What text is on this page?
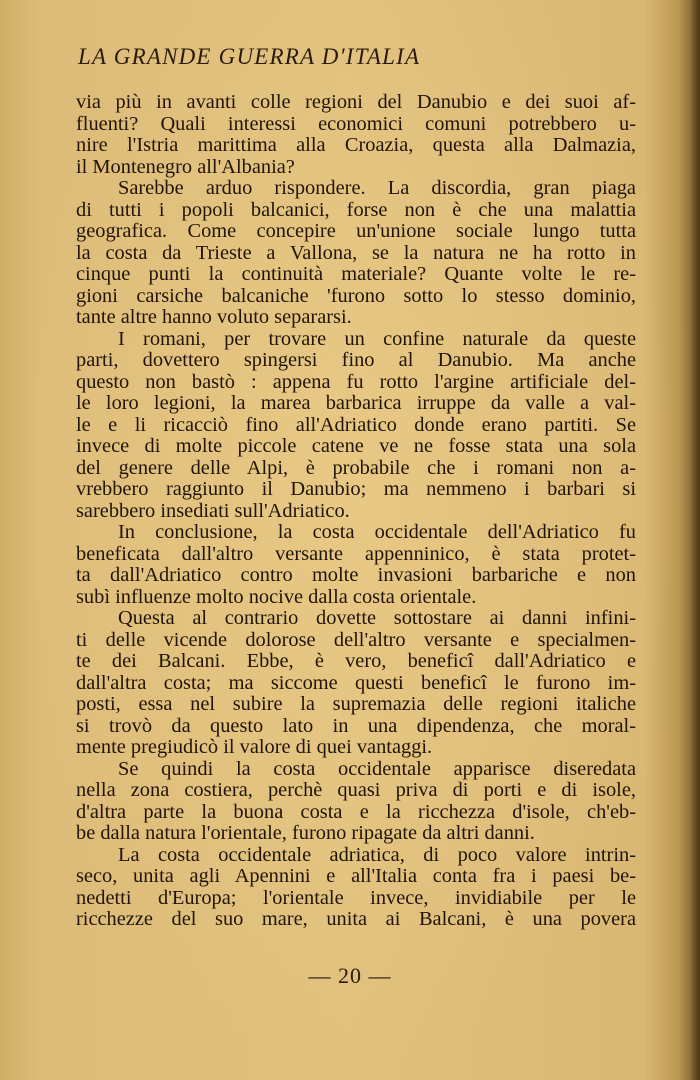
LA GRANDE GUERRA D'ITALIA
via più in avanti colle regioni del Danubio e dei suoi af-
fluenti? Quali interessi economici comuni potrebbero u-
nire l'Istria marittima alla Croazia, questa alla Dalmazia,
il Montenegro all'Albania?
Sarebbe arduo rispondere. La discordia, gran piaga
di tutti i popoli balcanici, forse non è che una malattia
geografica. Come concepire un'unione sociale lungo tutta
la costa da Trieste a Vallona, se la natura ne ha rotto in
cinque punti la continuità materiale? Quante volte le re-
gioni carsiche balcaniche 'furono sotto lo stesso dominio,
tante altre hanno voluto separarsi.
I romani, per trovare un confine naturale da queste
parti, dovettero spingersi fino al Danubio. Ma anche
questo non bastò : appena fu rotto l'argine artificiale del-
le loro legioni, la marea barbarica irruppe da valle a val-
le e li ricacciò fino all'Adriatico donde erano partiti. Se
invece di molte piccole catene ve ne fosse stata una sola
del genere delle Alpi, è probabile che i romani non a-
vrebbero raggiunto il Danubio; ma nemmeno i barbari si
sarebbero insediati sull'Adriatico.
In conclusione, la costa occidentale dell'Adriatico fu
beneficata dall'altro versante appenninico, è stata protet-
ta dall'Adriatico contro molte invasioni barbariche e non
subì influenze molto nocive dalla costa orientale.
Questa al contrario dovette sottostare ai danni infini-
ti delle vicende dolorose dell'altro versante e specialmen-
te dei Balcani. Ebbe, è vero, beneficî dall'Adriatico e
dall'altra costa; ma siccome questi beneficî le furono im-
posti, essa nel subire la supremazia delle regioni italiche
si trovò da questo lato in una dipendenza, che moral-
mente pregiudicò il valore di quei vantaggi.
Se quindi la costa occidentale apparisce diseredata
nella zona costiera, perchè quasi priva di porti e di isole,
d'altra parte la buona costa e la ricchezza d'isole, ch'eb-
be dalla natura l'orientale, furono ripagate da altri danni.
La costa occidentale adriatica, di poco valore intrin-
seco, unita agli Apennini e all'Italia conta fra i paesi be-
nedetti d'Europa; l'orientale invece, invidiabile per le
ricchezze del suo mare, unita ai Balcani, è una povera
— 20 —
